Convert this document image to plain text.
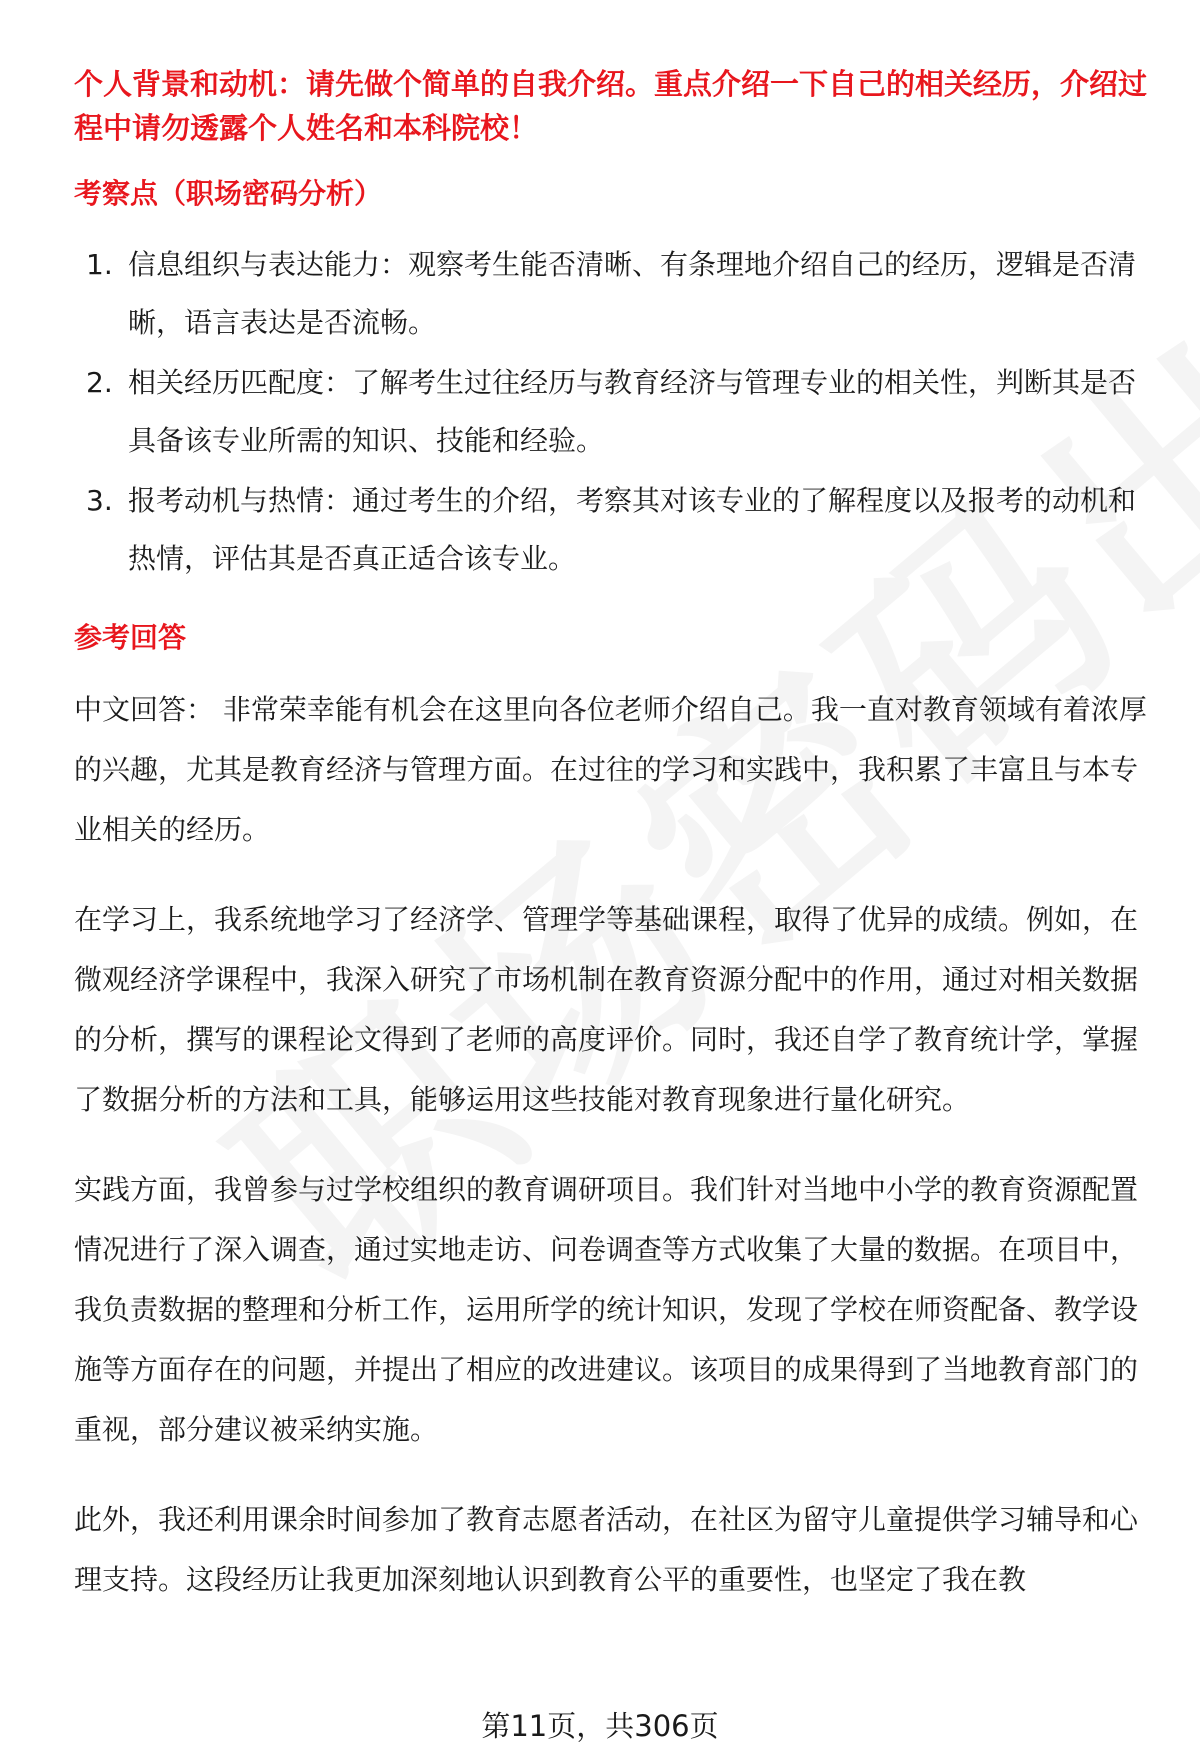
个人背景和动机：请先做个简单的自我介绍。重点介绍一下自己的相关经历，介绍过程中请勿透露个人姓名和本科院校！
考察点（职场密码分析）
1. 信息组织与表达能力：观察考生能否清晰、有条理地介绍自己的经历，逻辑是否清晰，语言表达是否流畅。
2. 相关经历匹配度：了解考生过往经历与教育经济与管理专业的相关性，判断其是否具备该专业所需的知识、技能和经验。
3. 报考动机与热情：通过考生的介绍，考察其对该专业的了解程度以及报考的动机和热情，评估其是否真正适合该专业。
参考回答

中文回答： 非常荣幸能有机会在这里向各位老师介绍自己。我一直对教育领域有着浓厚的兴趣，尤其是教育经济与管理方面。在过往的学习和实践中，我积累了丰富且与本专业相关的经历。

在学习上，我系统地学习了经济学、管理学等基础课程，取得了优异的成绩。例如，在微观经济学课程中，我深入研究了市场机制在教育资源分配中的作用，通过对相关数据的分析，撰写的课程论文得到了老师的高度评价。同时，我还自学了教育统计学，掌握了数据分析的方法和工具，能够运用这些技能对教育现象进行量化研究。

实践方面，我曾参与过学校组织的教育调研项目。我们针对当地中小学的教育资源配置情况进行了深入调查，通过实地走访、问卷调查等方式收集了大量的数据。在项目中，我负责数据的整理和分析工作，运用所学的统计知识，发现了学校在师资配备、教学设施等方面存在的问题，并提出了相应的改进建议。该项目的成果得到了当地教育部门的重视，部分建议被采纳实施。

此外，我还利用课余时间参加了教育志愿者活动，在社区为留守儿童提供学习辅导和心理支持。这段经历让我更加深刻地认识到教育公平的重要性，也坚定了我在教

第11页，共306页
